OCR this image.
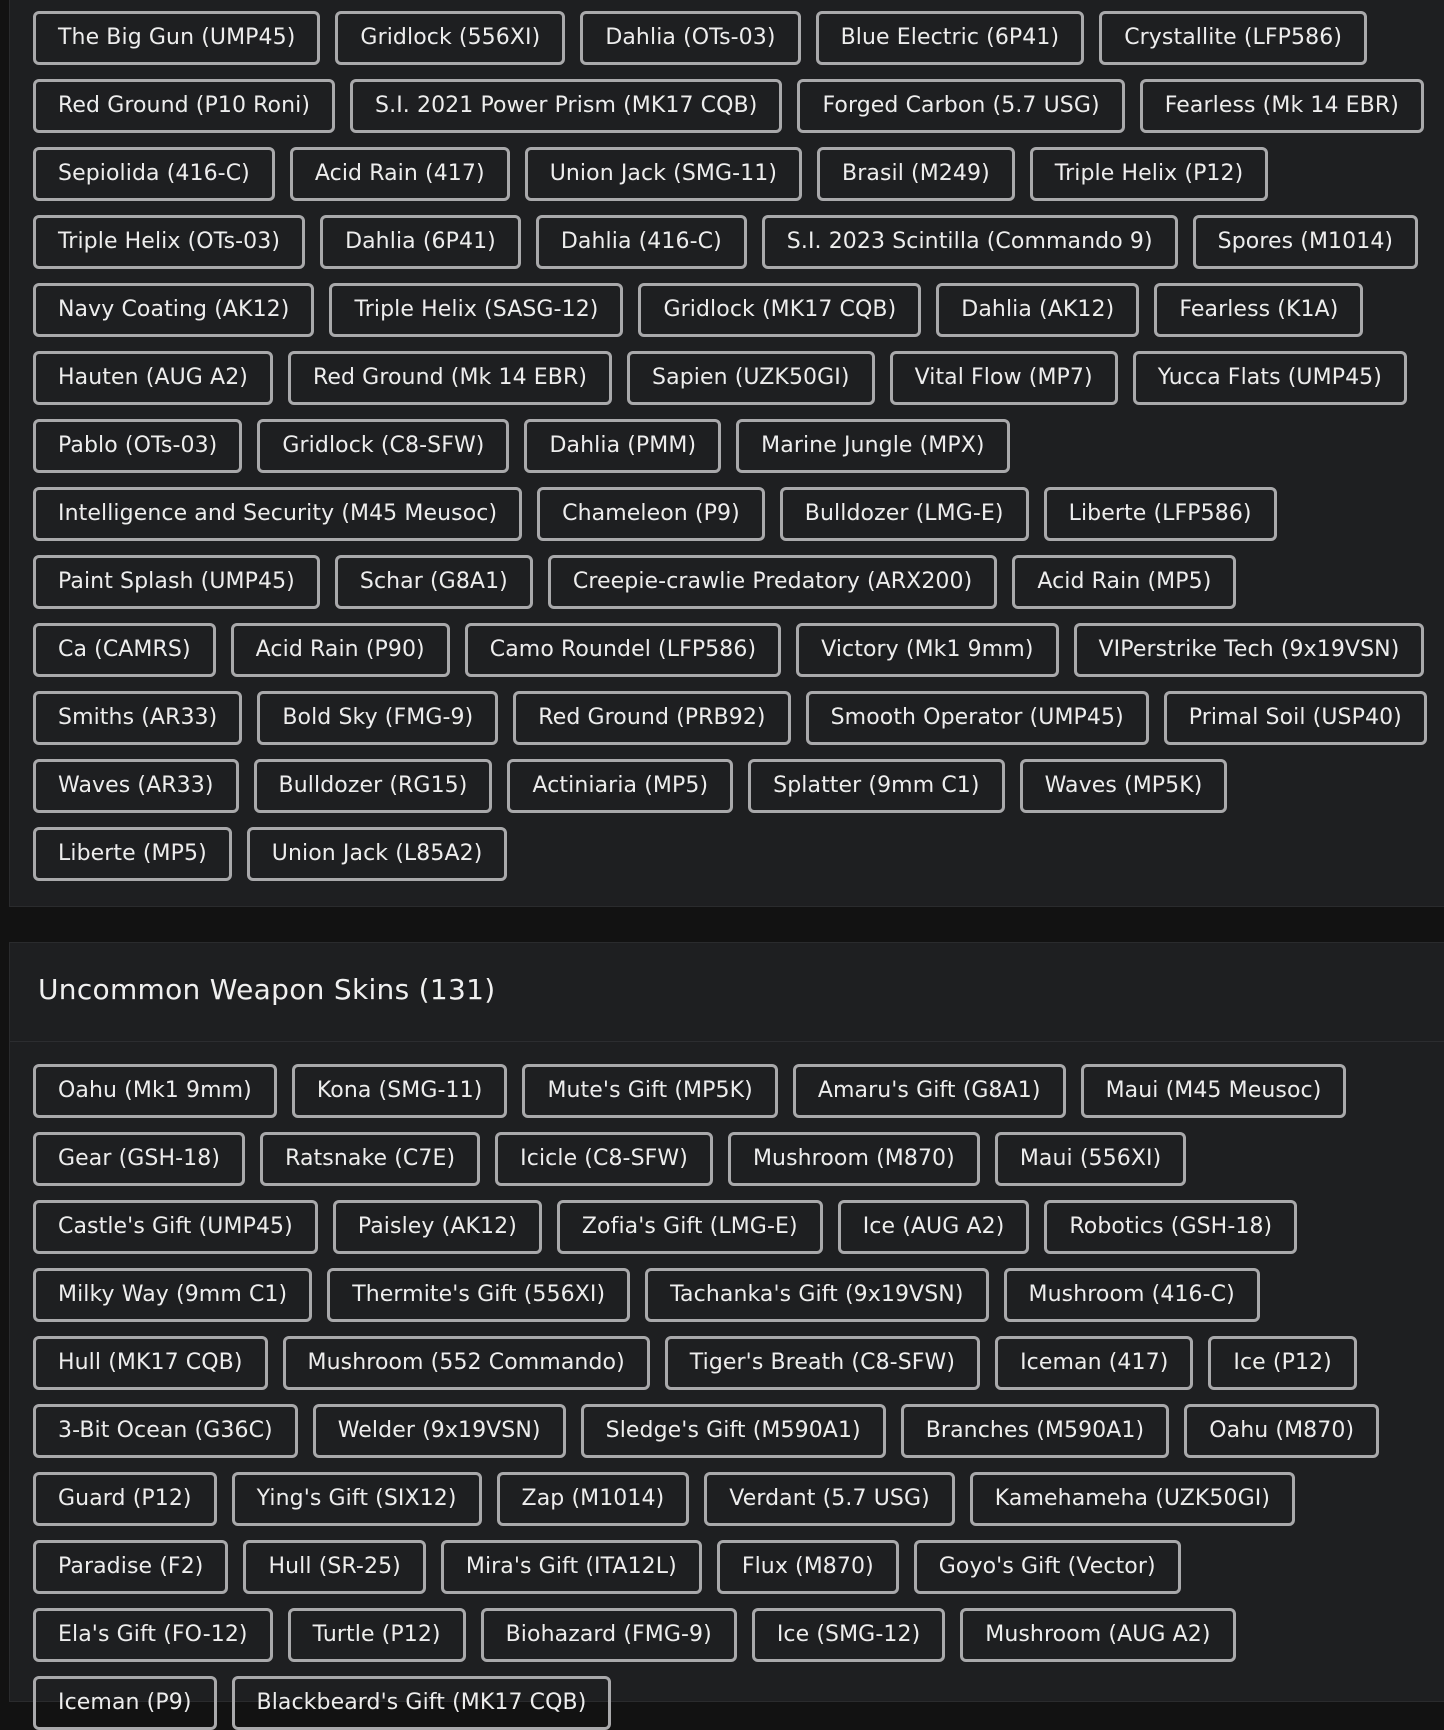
The Big Gun (UMP45)	Gridlock (556XI)	Dahlia (OTs-03)	Blue Electric (6P41)	Crystallite (LFP586)
Red Ground (P10 Roni)	S.I. 2021 Power Prism (MK17 CQB)	Forged Carbon (5.7 USG)	Fearless (Mk 14 EBR)
Sepiolida (416-C)	Acid Rain (417)	Union Jack (SMG-11)	Brasil (M249)	Triple Helix (P12)
Triple Helix (OTs-03)	Dahlia (6P41)	Dahlia (416-C)	S.I. 2023 Scintilla (Commando 9)	Spores (M1014)
Navy Coating (AK12)	Triple Helix (SASG-12)	Gridlock (MK17 CQB)	Dahlia (AK12)	Fearless (K1A)
Hauten (AUG A2)	Red Ground (Mk 14 EBR)	Sapien (UZK50GI)	Vital Flow (MP7)	Yucca Flats (UMP45)
Pablo (OTs-03)	Gridlock (C8-SFW)	Dahlia (PMM)	Marine Jungle (MPX)
Intelligence and Security (M45 Meusoc)	Chameleon (P9)	Bulldozer (LMG-E)	Liberte (LFP586)
Paint Splash (UMP45)	Schar (G8A1)	Creepie-crawlie Predatory (ARX200)	Acid Rain (MP5)
Ca (CAMRS)	Acid Rain (P90)	Camo Roundel (LFP586)	Victory (Mk1 9mm)	VIPerstrike Tech (9x19VSN)
Smiths (AR33)	Bold Sky (FMG-9)	Red Ground (PRB92)	Smooth Operator (UMP45)	Primal Soil (USP40)
Waves (AR33)	Bulldozer (RG15)	Actiniaria (MP5)	Splatter (9mm C1)	Waves (MP5K)
Liberte (MP5)	Union Jack (L85A2)
Uncommon Weapon Skins (131)
Oahu (Mk1 9mm)	Kona (SMG-11)	Mute's Gift (MP5K)	Amaru's Gift (G8A1)	Maui (M45 Meusoc)
Gear (GSH-18)	Ratsnake (C7E)	Icicle (C8-SFW)	Mushroom (M870)	Maui (556XI)
Castle's Gift (UMP45)	Paisley (AK12)	Zofia's Gift (LMG-E)	Ice (AUG A2)	Robotics (GSH-18)
Milky Way (9mm C1)	Thermite's Gift (556XI)	Tachanka's Gift (9x19VSN)	Mushroom (416-C)
Hull (MK17 CQB)	Mushroom (552 Commando)	Tiger's Breath (C8-SFW)	Iceman (417)	Ice (P12)
3-Bit Ocean (G36C)	Welder (9x19VSN)	Sledge's Gift (M590A1)	Branches (M590A1)	Oahu (M870)
Guard (P12)	Ying's Gift (SIX12)	Zap (M1014)	Verdant (5.7 USG)	Kamehameha (UZK50GI)
Paradise (F2)	Hull (SR-25)	Mira's Gift (ITA12L)	Flux (M870)	Goyo's Gift (Vector)
Ela's Gift (FO-12)	Turtle (P12)	Biohazard (FMG-9)	Ice (SMG-12)	Mushroom (AUG A2)
Iceman (P9)	Blackbeard's Gift (MK17 CQB)
